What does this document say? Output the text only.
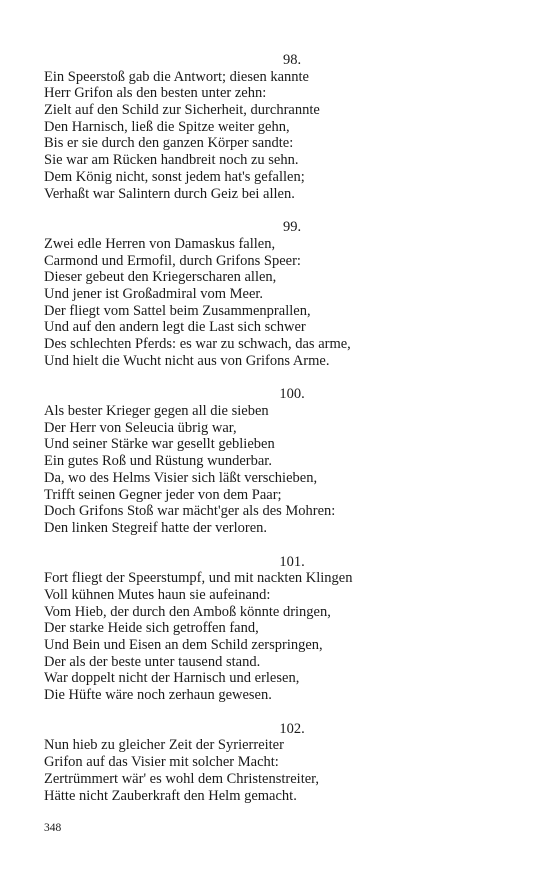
98.
Ein Speerstoß gab die Antwort; diesen kannte
Herr Grifon als den besten unter zehn:
Zielt auf den Schild zur Sicherheit, durchrannte
Den Harnisch, ließ die Spitze weiter gehn,
Bis er sie durch den ganzen Körper sandte:
Sie war am Rücken handbreit noch zu sehn.
Dem König nicht, sonst jedem hat's gefallen;
Verhaßt war Salintern durch Geiz bei allen.
99.
Zwei edle Herren von Damaskus fallen,
Carmond und Ermofil, durch Grifons Speer:
Dieser gebeut den Kriegerscharen allen,
Und jener ist Großadmiral vom Meer.
Der fliegt vom Sattel beim Zusammenprallen,
Und auf den andern legt die Last sich schwer
Des schlechten Pferds: es war zu schwach, das arme,
Und hielt die Wucht nicht aus von Grifons Arme.
100.
Als bester Krieger gegen all die sieben
Der Herr von Seleucia übrig war,
Und seiner Stärke war gesellt geblieben
Ein gutes Roß und Rüstung wunderbar.
Da, wo des Helms Visier sich läßt verschieben,
Trifft seinen Gegner jeder von dem Paar;
Doch Grifons Stoß war mächt'ger als des Mohren:
Den linken Stegreif hatte der verloren.
101.
Fort fliegt der Speerstumpf, und mit nackten Klingen
Voll kühnen Mutes haun sie aufeinand:
Vom Hieb, der durch den Amboß könnte dringen,
Der starke Heide sich getroffen fand,
Und Bein und Eisen an dem Schild zerspringen,
Der als der beste unter tausend stand.
War doppelt nicht der Harnisch und erlesen,
Die Hüfte wäre noch zerhaun gewesen.
102.
Nun hieb zu gleicher Zeit der Syrierreiter
Grifon auf das Visier mit solcher Macht:
Zertrümmert wär' es wohl dem Christenstreiter,
Hätte nicht Zauberkraft den Helm gemacht.
348
